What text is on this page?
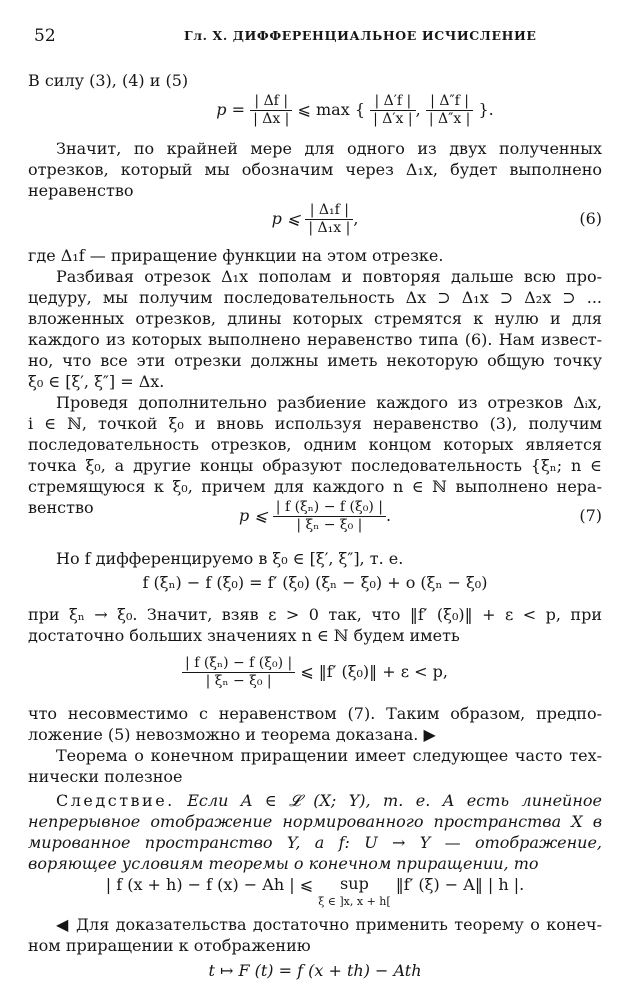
52	Гл. X. ДИФФЕРЕНЦИАЛЬНОЕ ИСЧИСЛЕНИЕ
В силу (3), (4) и (5)
$p = \frac{| \Delta f |}{| \Delta x |}$ ⩽ max { $\frac{| \Delta'f |}{| \Delta'x |}$ , $\frac{| \Delta''f |}{| \Delta''x |}$ }.
Значит, по крайней мере для одного из двух полученных
отрезков, который мы обозначим через Δ₁x, будет выполнено
неравенство
p ⩽ $\frac{\text{| Δ₁f |}}{\text{| Δ₁x |}}$ ,	(6)
где Δ₁f — приращение функции на этом отрезке.
Разбивая отрезок Δ₁x пополам и повторяя дальше всю про-
цедуру, мы получим последовательность Δx ⊃ Δ₁x ⊃ Δ₂x ⊃ ...
вложенных отрезков, длины которых стремятся к нулю и для
каждого из которых выполнено неравенство типа (6). Нам извест-
но, что все эти отрезки должны иметь некоторую общую точку
ξ₀ ∈ [ξ′, ξ″] = Δx.
Проведя дополнительно разбиение каждого из отрезков Δᵢx,
i ∈ ℕ, точкой ξ₀ и вновь используя неравенство (3), получим
последовательность отрезков, одним концом которых является
точка ξ₀, а другие концы образуют последовательность {ξₙ; n ∈
стремящуюся к ξ₀, причем для каждого n ∈ ℕ выполнено нера-
венство	p ⩽ $\frac{\text{| f (ξₙ) − f (ξ₀) |}}{\text{| ξₙ − ξ₀ |}}$ .	(7)
Но f дифференцируемо в ξ₀ ∈ [ξ′, ξ″], т. е.
f (ξₙ) − f (ξ₀) = f′ (ξ₀) (ξₙ − ξ₀) + o (ξₙ − ξ₀)
при ξₙ → ξ₀. Значит, взяв ε > 0 так, что ‖f′ (ξ₀)‖ + ε < p, при
достаточно больших значениях n ∈ ℕ будем иметь
$\frac{\text{| f (ξₙ) − f (ξ₀) |}}{\text{| ξₙ − ξ₀ |}}$ ⩽ ‖f′ (ξ₀)‖ + ε < p,
что несовместимо с неравенством (7). Таким образом, предпо-
ложение (5) невозможно и теорема доказана. ▶
Теорема о конечном приращении имеет следующее часто тех-
нически полезное
Следствие. Если A ∈ 𝓛 (X; Y), т. е. A есть линейное
непрерывное отображение нормированного пространства X в
мированное пространство Y, а f: U → Y — отображение,
воряющее условиям теоремы о конечном приращении, то
| f (x + h) − f (x) − Ah | ⩽	sup
ξ ∈ ]x, x + h[
‖f′ (ξ) − A‖ | h |.
◀ Для доказательства достаточно применить теорему о конеч-
ном приращении к отображению
t ↦ F (t) = f (x + th) − Ath
